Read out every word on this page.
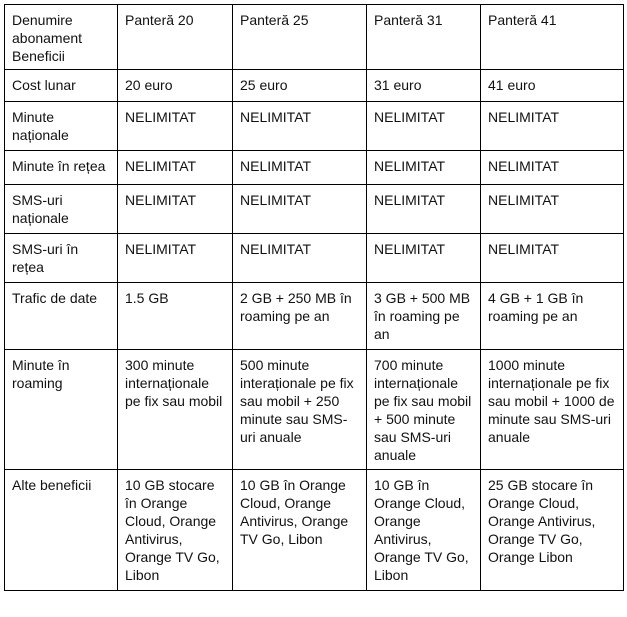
Denumire abonament Beneficii	Panteră 20	Panteră 25	Panteră 31	Panteră 41
Cost lunar	20 euro	25 euro	31 euro	41 euro
Minute naționale	NELIMITAT	NELIMITAT	NELIMITAT	NELIMITAT
Minute în rețea	NELIMITAT	NELIMITAT	NELIMITAT	NELIMITAT
SMS-uri naționale	NELIMITAT	NELIMITAT	NELIMITAT	NELIMITAT
SMS-uri în rețea	NELIMITAT	NELIMITAT	NELIMITAT	NELIMITAT
Trafic de date	1.5 GB	2 GB + 250 MB în roaming pe an	3 GB + 500 MB în roaming pe an	4 GB + 1 GB în roaming pe an
Minute în roaming	300 minute internaționale pe fix sau mobil	500 minute interaționale pe fix sau mobil + 250 minute sau SMS-uri anuale	700 minute internaționale pe fix sau mobil + 500 minute sau SMS-uri anuale	1000 minute internaționale pe fix sau mobil + 1000 de minute sau SMS-uri anuale
Alte beneficii	10 GB stocare în Orange Cloud, Orange Antivirus, Orange TV Go, Libon	10 GB în Orange Cloud, Orange Antivirus, Orange TV Go, Libon	10 GB în Orange Cloud, Orange Antivirus, Orange TV Go, Libon	25 GB stocare în Orange Cloud, Orange Antivirus, Orange TV Go, Orange Libon
